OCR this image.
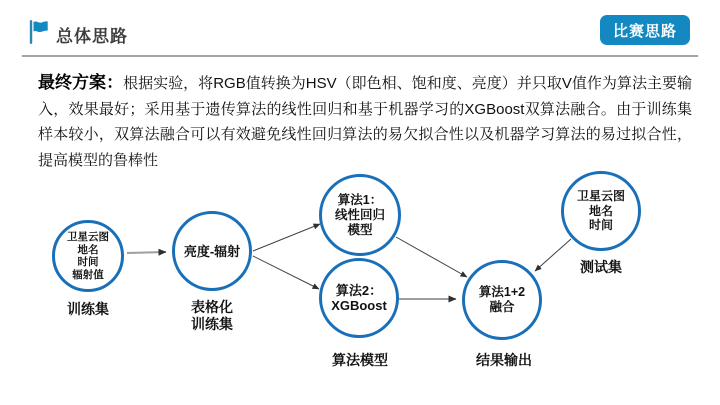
总体思路	比赛思路
最终方案：根据实验，将RGB值转换为HSV（即色相、饱和度、亮度）并只取V值作为算法主要输入，效果最好；采用基于遗传算法的线性回归和基于机器学习的XGBoost双算法融合。由于训练集样本较小，双算法融合可以有效避免线性回归算法的易欠拟合性以及机器学习算法的易过拟合性，提高模型的鲁棒性
卫星云图
地名
时间
辐射值
亮度-辐射
算法1：
线性回归
模型
算法2：
XGBoost
算法1+2
融合
卫星云图
地名
时间
训练集	表格化
训练集
算法模型	结果输出
测试集
